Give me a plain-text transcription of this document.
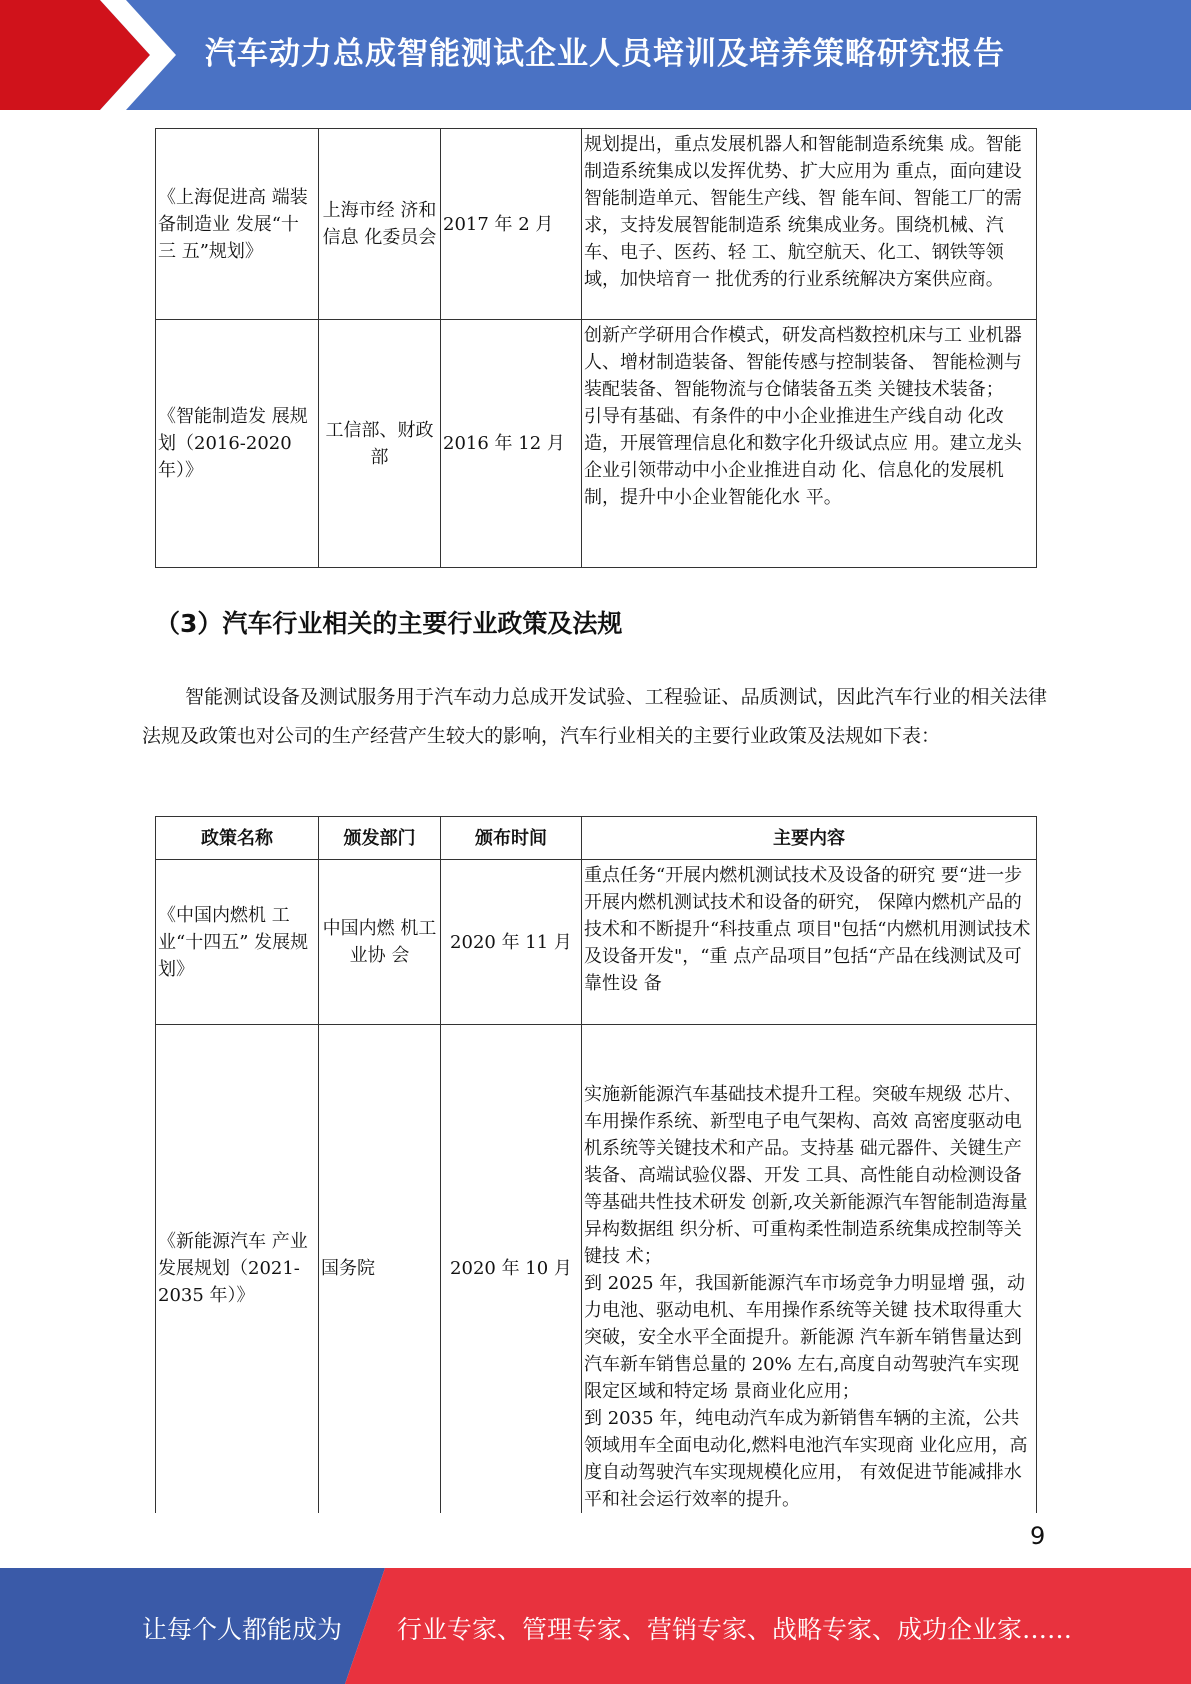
汽车动力总成智能测试企业人员培训及培养策略研究报告
《上海促进高 端装备制造业 发展“十三 五”规划》	上海市经 济和信息 化委员会	2017 年 2 月	规划提出，重点发展机器人和智能制造系统集 成。智能制造系统集成以发挥优势、扩大应用为 重点，面向建设智能制造单元、智能生产线、智 能车间、智能工厂的需求，支持发展智能制造系 统集成业务。围绕机械、汽车、电子、医药、轻 工、航空航天、化工、钢铁等领域，加快培育一 批优秀的行业系统解决方案供应商。

《智能制造发 展规划（2016-2020 年）》	工信部、财政部	2016 年 12 月	创新产学研用合作模式，研发高档数控机床与工 业机器人、增材制造装备、智能传感与控制装备、 智能检测与装配装备、智能物流与仓储装备五类 关键技术装备；
引导有基础、有条件的中小企业推进生产线自动 化改造，开展管理信息化和数字化升级试点应 用。建立龙头企业引领带动中小企业推进自动 化、信息化的发展机制，提升中小企业智能化水 平。
（3）汽车行业相关的主要行业政策及法规
智能测试设备及测试服务用于汽车动力总成开发试验、工程验证、品质测试，因此汽车行业的相关法律法规及政策也对公司的生产经营产生较大的影响，汽车行业相关的主要行业政策及法规如下表：
政策名称	颁发部门	颁布时间	主要内容
《中国内燃机 工业“十四五” 发展规划》	中国内燃 机工业协 会	2020 年 11 月	重点任务“开展内燃机测试技术及设备的研究 要“进一步开展内燃机测试技术和设备的研究， 保障内燃机产品的技术和不断提升“科技重点 项目"包括“内燃机用测试技术及设备开发"，“重 点产品项目”包括“产品在线测试及可靠性设 备

《新能源汽车 产业发展规划（2021-2035 年）》	国务院	2020 年 10 月	实施新能源汽车基础技术提升工程。突破车规级 芯片、车用操作系统、新型电子电气架构、高效 高密度驱动电机系统等关键技术和产品。支持基 础元器件、关键生产装备、高端试验仪器、开发 工具、高性能自动检测设备等基础共性技术研发 创新,攻关新能源汽车智能制造海量异构数据组 织分析、可重构柔性制造系统集成控制等关键技 术；
到 2025 年，我国新能源汽车市场竞争力明显增 强，动力电池、驱动电机、车用操作系统等关键 技术取得重大突破，安全水平全面提升。新能源 汽车新车销售量达到汽车新车销售总量的 20% 左右,高度自动驾驶汽车实现限定区域和特定场 景商业化应用；
到 2035 年，纯电动汽车成为新销售车辆的主流，公共领域用车全面电动化,燃料电池汽车实现商 业化应用，高度自动驾驶汽车实现规模化应用， 有效促进节能减排水平和社会运行效率的提升。
9
让每个人都能成为 行业专家、管理专家、营销专家、战略专家、成功企业家……
